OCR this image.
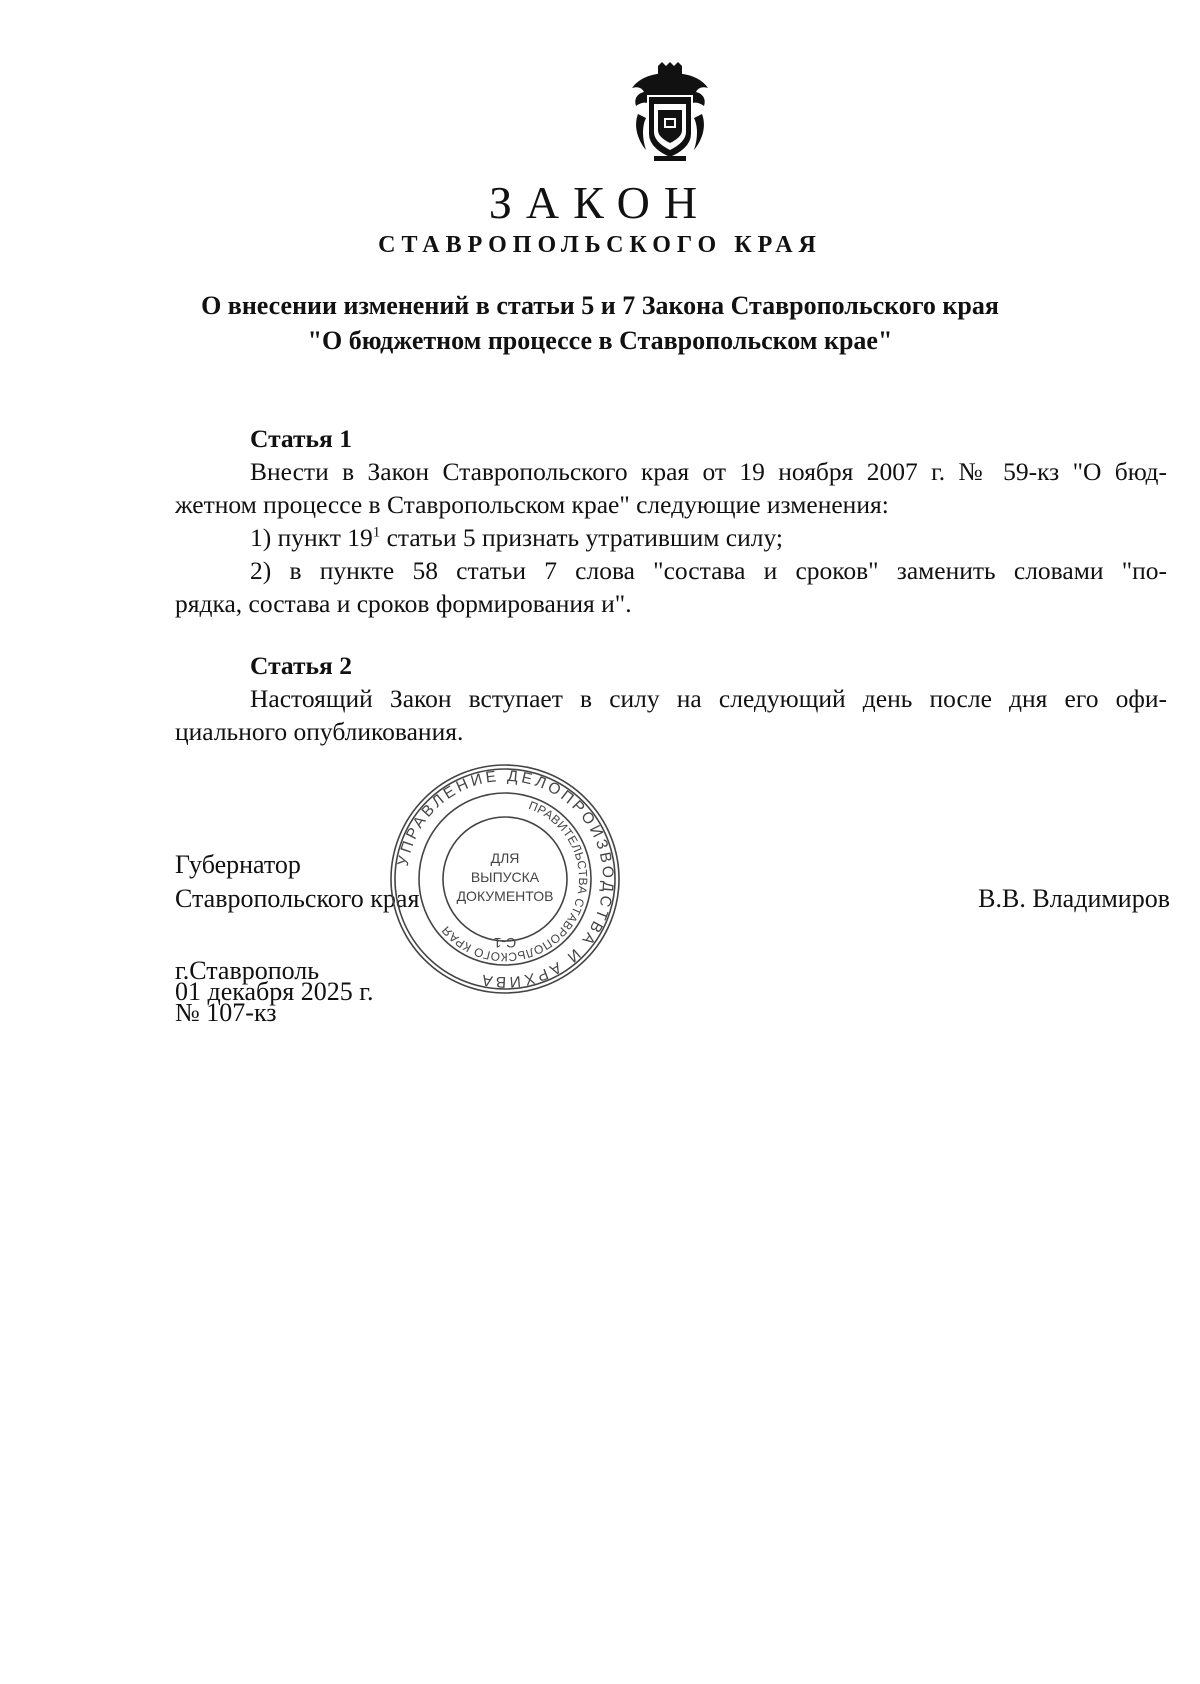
ЗАКОН
СТАВРОПОЛЬСКОГО КРАЯ
О внесении изменений в статьи 5 и 7 Закона Ставропольского края
"О бюджетном процессе в Ставропольском крае"
Статья 1
Внести в Закон Ставропольского края от 19 ноября 2007 г. № 59-кз "О бюд-
жетном процессе в Ставропольском крае" следующие изменения:
1) пункт $19^1$ статьи 5 признать утратившим силу;
2) в пункте 58 статьи 7 слова "состава и сроков" заменить словами "по-
рядка, состава и сроков формирования и".
Статья 2
Настоящий Закон вступает в силу на следующий день после дня его офи-
циального опубликования.
Губернатор
Ставропольского края	В.В. Владимиров
г.Ставрополь
01 декабря 2025 г.
№ 107-кз
УПРАВЛЕНИЕ ДЕЛОПРОИЗВОДСТВА И АРХИВА
ПРАВИТЕЛЬСТВА СТАВРОПОЛЬСКОГО КРАЯ
ДЛЯ
ВЫПУСКА
ДОКУМЕНТОВ
С-1
